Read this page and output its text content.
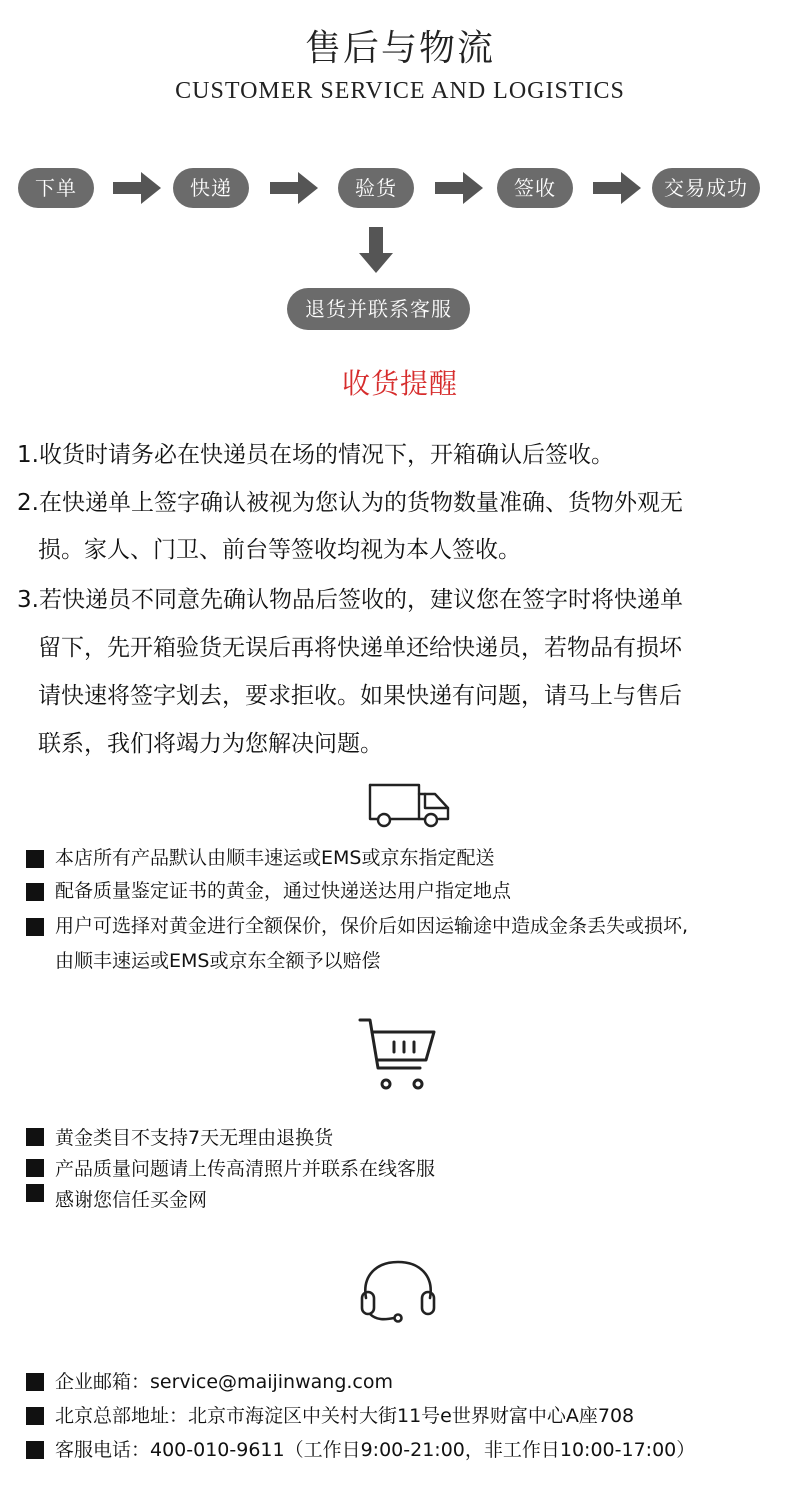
售后与物流
CUSTOMER SERVICE AND LOGISTICS
下单	快递	验货	签收	交易成功
退货并联系客服
收货提醒
1.收货时请务必在快递员在场的情况下，开箱确认后签收。
2.在快递单上签字确认被视为您认为的货物数量准确、货物外观无
损。家人、门卫、前台等签收均视为本人签收。
3.若快递员不同意先确认物品后签收的，建议您在签字时将快递单
留下，先开箱验货无误后再将快递单还给快递员，若物品有损坏
请快速将签字划去，要求拒收。如果快递有问题，请马上与售后
联系，我们将竭力为您解决问题。
本店所有产品默认由顺丰速运或EMS或京东指定配送
配备质量鉴定证书的黄金，通过快递送达用户指定地点
用户可选择对黄金进行全额保价，保价后如因运输途中造成金条丢失或损坏,
由顺丰速运或EMS或京东全额予以赔偿
黄金类目不支持7天无理由退换货
产品质量问题请上传高清照片并联系在线客服
感谢您信任买金网
企业邮箱：service@maijinwang.com
北京总部地址：北京市海淀区中关村大街11号e世界财富中心A座708
客服电话：400-010-9611（工作日9:00-21:00，非工作日10:00-17:00）
